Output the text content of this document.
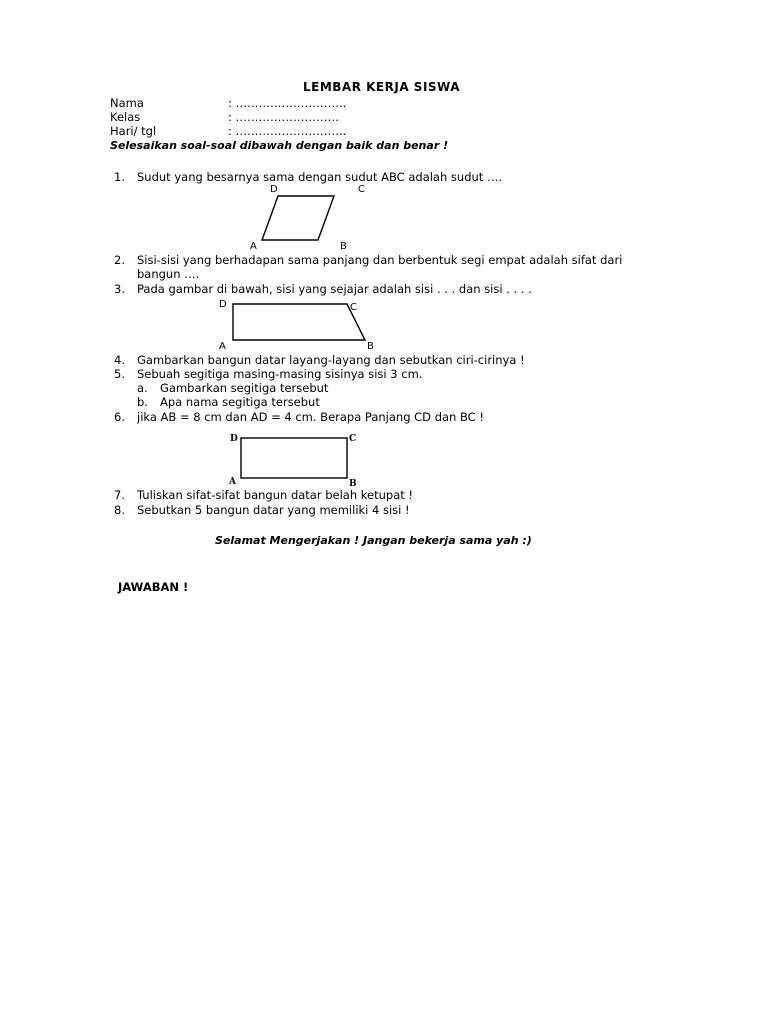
LEMBAR KERJA SISWA
Nama	: ………………………..
Kelas	: ………………………
Hari/ tgl	: ………………………..
Selesaikan soal-soal dibawah dengan baik dan benar !
1. Sudut yang besarnya sama dengan sudut ABC adalah sudut ….
D	C
A	B
2. Sisi-sisi yang berhadapan sama panjang dan berbentuk segi empat adalah sifat dari
bangun ….
3. Pada gambar di bawah, sisi yang sejajar adalah sisi . . . dan sisi . . . .
D	C
A	B
4. Gambarkan bangun datar layang-layang dan sebutkan ciri-cirinya !
5. Sebuah segitiga masing-masing sisinya sisi 3 cm.
a. Gambarkan segitiga tersebut
b. Apa nama segitiga tersebut
6. jika AB = 8 cm dan AD = 4 cm. Berapa Panjang CD dan BC !
D	C
A	B
7. Tuliskan sifat-sifat bangun datar belah ketupat !
8. Sebutkan 5 bangun datar yang memiliki 4 sisi !
Selamat Mengerjakan ! Jangan bekerja sama yah :)
JAWABAN !
